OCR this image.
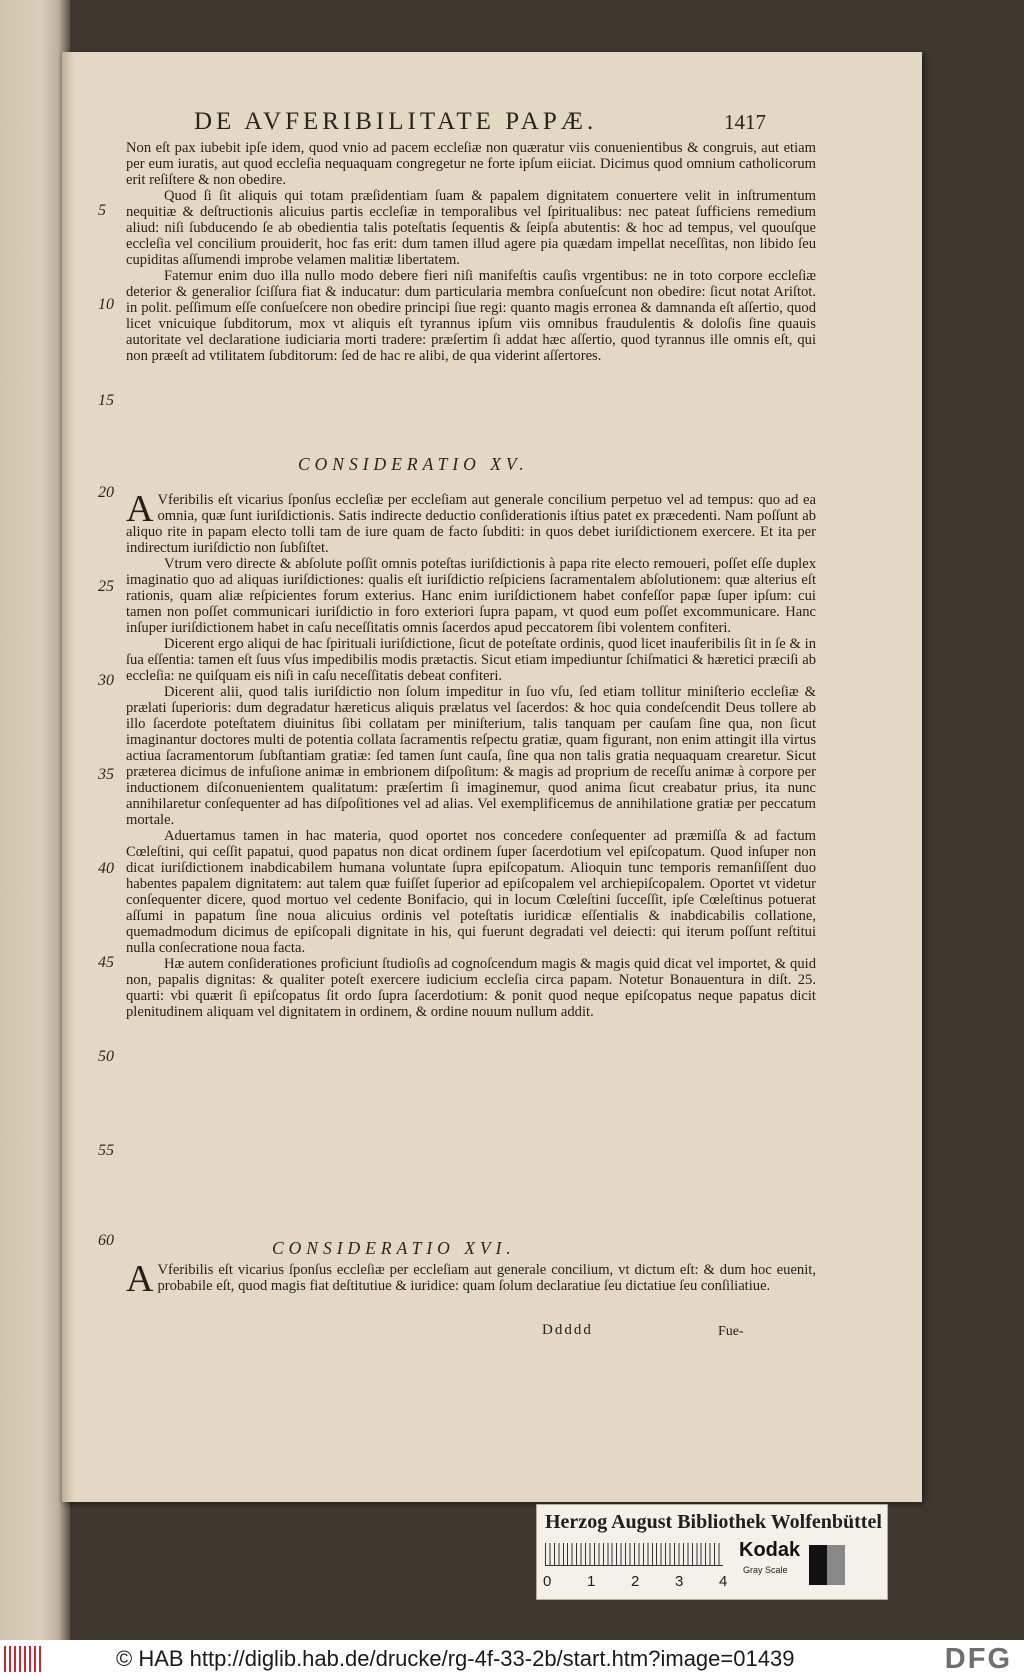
DE AVFERIBILITATE PAPÆ.	1417
5
10
15
20
25
30
35
40
45
50
55
60

Non eſt pax iubebit ipſe idem, quod vnio ad pacem eccleſiæ non quæratur viis conuenientibus & congruis, aut etiam per eum iuratis, aut quod eccleſia nequaquam congregetur ne forte ipſum eiiciat. Dicimus quod omnium catholicorum erit reſiſtere & non obedire.

Quod ſi ſit aliquis qui totam præſidentiam ſuam & papalem dignitatem conuertere velit in inſtrumentum nequitiæ & deſtructionis alicuius partis eccleſiæ in temporalibus vel ſpiritualibus: nec pateat ſufficiens remedium aliud: niſi ſubducendo ſe ab obedientia talis poteſtatis ſequentis & ſeipſa abutentis: & hoc ad tempus, vel quouſque eccleſia vel concilium prouiderit, hoc fas erit: dum tamen illud agere pia quædam impellat neceſſitas, non libido ſeu cupiditas aſſumendi improbe velamen malitiæ libertatem.

Fatemur enim duo illa nullo modo debere fieri niſi manifeſtis cauſis vrgentibus: ne in toto corpore eccleſiæ deterior & generalior ſciſſura fiat & inducatur: dum particularia membra conſueſcunt non obedire: ſicut notat Ariſtot. in polit. peſſimum eſſe conſueſcere non obedire principi ſiue regi: quanto magis erronea & damnanda eſt aſſertio, quod licet vnicuique ſubditorum, mox vt aliquis eſt tyrannus ipſum viis omnibus fraudulentis & doloſis ſine quauis autoritate vel declaratione iudiciaria morti tradere: præſertim ſi addat hæc aſſertio, quod tyrannus ille omnis eſt, qui non præeſt ad vtilitatem ſubditorum: ſed de hac re alibi, de qua viderint aſſertores.

CONSIDERATIO XV.

A Vferibilis eſt vicarius ſponſus eccleſiæ per eccleſiam aut generale concilium perpetuo vel ad tempus: quo ad ea omnia, quæ ſunt iuriſdictionis. Satis indirecte deductio conſiderationis iſtius patet ex præcedenti. Nam poſſunt ab aliquo rite in papam electo tolli tam de iure quam de facto ſubditi: in quos debet iuriſdictionem exercere. Et ita per indirectum iuriſdictio non ſubſiſtet.

Vtrum vero directe & abſolute poſſit omnis poteſtas iuriſdictionis à papa rite electo remoueri, poſſet eſſe duplex imaginatio quo ad aliquas iuriſdictiones: qualis eſt iuriſdictio reſpiciens ſacramentalem abſolutionem: quæ alterius eſt rationis, quam aliæ reſpicientes forum exterius. Hanc enim iuriſdictionem habet confeſſor papæ ſuper ipſum: cui tamen non poſſet communicari iuriſdictio in foro exteriori ſupra papam, vt quod eum poſſet excommunicare. Hanc inſuper iuriſdictionem habet in caſu neceſſitatis omnis ſacerdos apud peccatorem ſibi volentem confiteri.

Dicerent ergo aliqui de hac ſpirituali iuriſdictione, ſicut de poteſtate ordinis, quod licet inauferibilis ſit in ſe & in ſua eſſentia: tamen eſt ſuus vſus impedibilis modis prætactis. Sicut etiam impediuntur ſchiſmatici & hæretici præciſi ab eccleſia: ne quiſquam eis niſi in caſu neceſſitatis debeat confiteri.

Dicerent alii, quod talis iuriſdictio non ſolum impeditur in ſuo vſu, ſed etiam tollitur miniſterio eccleſiæ & prælati ſuperioris: dum degradatur hæreticus aliquis prælatus vel ſacerdos: & hoc quia condeſcendit Deus tollere ab illo ſacerdote poteſtatem diuinitus ſibi collatam per miniſterium, talis tanquam per cauſam ſine qua, non ſicut imaginantur doctores multi de potentia collata ſacramentis reſpectu gratiæ, quam figurant, non enim attingit illa virtus actiua ſacramentorum ſubſtantiam gratiæ: ſed tamen ſunt cauſa, ſine qua non talis gratia nequaquam crearetur. Sicut præterea dicimus de infuſione animæ in embrionem diſpoſitum: & magis ad proprium de receſſu animæ à corpore per inductionem diſconuenientem qualitatum: præſertim ſi imaginemur, quod anima ſicut creabatur prius, ita nunc annihilaretur conſequenter ad has diſpoſitiones vel ad alias. Vel exemplificemus de annihilatione gratiæ per peccatum mortale.

Aduertamus tamen in hac materia, quod oportet nos concedere conſequenter ad præmiſſa & ad factum Cœleſtini, qui ceſſit papatui, quod papatus non dicat ordinem ſuper ſacerdotium vel epiſcopatum. Quod inſuper non dicat iuriſdictionem inabdicabilem humana voluntate ſupra epiſcopatum. Alioquin tunc temporis remanſiſſent duo habentes papalem dignitatem: aut talem quæ fuiſſet ſuperior ad epiſcopalem vel archiepiſcopalem. Oportet vt videtur conſequenter dicere, quod mortuo vel cedente Bonifacio, qui in locum Cœleſtini ſucceſſit, ipſe Cœleſtinus potuerat aſſumi in papatum ſine noua alicuius ordinis vel poteſtatis iuridicæ eſſentialis & inabdicabilis collatione, quemadmodum dicimus de epiſcopali dignitate in his, qui fuerunt degradati vel deiecti: qui iterum poſſunt reſtitui nulla conſecratione noua facta.

Hæ autem conſiderationes proficiunt ſtudioſis ad cognoſcendum magis & magis quid dicat vel importet, & quid non, papalis dignitas: & qualiter poteſt exercere iudicium eccleſia circa papam. Notetur Bonauentura in diſt. 25. quarti: vbi quærit ſi epiſcopatus ſit ordo ſupra ſacerdotium: & ponit quod neque epiſcopatus neque papatus dicit plenitudinem aliquam vel dignitatem in ordinem, & ordine nouum nullum addit.

CONSIDERATIO XVI.

A Vferibilis eſt vicarius ſponſus eccleſiæ per eccleſiam aut generale concilium, vt dictum eſt: & dum hoc euenit, probabile eſt, quod magis fiat deſtitutiue & iuridice: quam ſolum declaratiue ſeu dictatiue ſeu conſiliatiue.

Ddddd	Fue-
Herzog August Bibliothek Wolfenbüttel
0 1 2 3 4
Kodak
Gray Scale
© HAB http://diglib.hab.de/drucke/rg-4f-33-2b/start.htm?image=01439	DFG
